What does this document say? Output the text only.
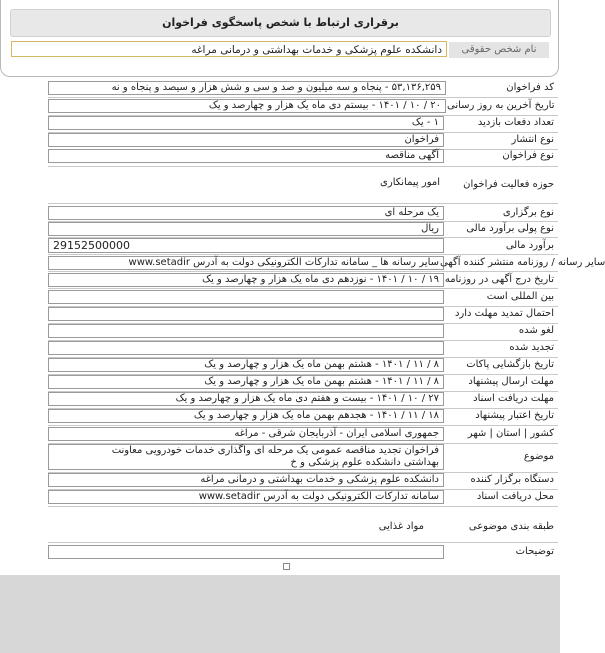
برقراری ارتباط با شخص پاسخگوی فراخوان
نام شخص حقوقی
دانشکده علوم پزشکی و خدمات بهداشتی و درمانی مراغه
۵۳,۱۳۶,۲۵۹ - پنجاه و سه میلیون و صد و سی و شش هزار و سیصد و پنجاه و نه	کد فراخوان
۲۰ / ۱۰ / ۱۴۰۱ - بیستم دی ماه یک هزار و چهارصد و یک تاریخ آخرین به روز رسانی
۱ - یک	تعداد دفعات بازدید
فراخوان	نوع انتشار
آگهی مناقصه	نوع فراخوان
امور پیمانکاری	حوزه فعالیت فراخوان
یک مرحله ای	نوع برگزاری
ریال	نوع پولی برآورد مالی
29152500000	برآورد مالی
سایر رسانه ها _ سامانه تدارکات الکترونیکی دولت به آدرس www.setadir سایر رسانه / روزنامه منتشر کننده آگهی
۱۹ / ۱۰ / ۱۴۰۱ - نوزدهم دی ماه یک هزار و چهارصد و یک تاریخ درج آگهی در روزنامه
بین المللی است
احتمال تمدید مهلت دارد
لغو شده
تجدید شده
۸ / ۱۱ / ۱۴۰۱ - هشتم بهمن ماه یک هزار و چهارصد و یک	تاریخ بازگشایی پاکات
۸ / ۱۱ / ۱۴۰۱ - هشتم بهمن ماه یک هزار و چهارصد و یک	مهلت ارسال پیشنهاد
۲۷ / ۱۰ / ۱۴۰۱ - بیست و هفتم دی ماه یک هزار و چهارصد و یک	مهلت دریافت اسناد
۱۸ / ۱۱ / ۱۴۰۱ - هجدهم بهمن ماه یک هزار و چهارصد و یک	تاریخ اعتبار پیشنهاد
جمهوری اسلامی ایران - آذربایجان شرقی - مراغه	کشور | استان | شهر
فراخوان تجدید مناقصه عمومی یک مرحله ای واگذاری خدمات خودرویی معاونت
بهداشتی دانشکده علوم پزشکی و خ
موضوع
دانشکده علوم پزشکی و خدمات بهداشتی و درمانی مراغه	دستگاه برگزار کننده
سامانه تدارکات الکترونیکی دولت به آدرس www.setadir	محل دریافت اسناد
مواد غذایی	طبقه بندی موضوعی
توضیحات
